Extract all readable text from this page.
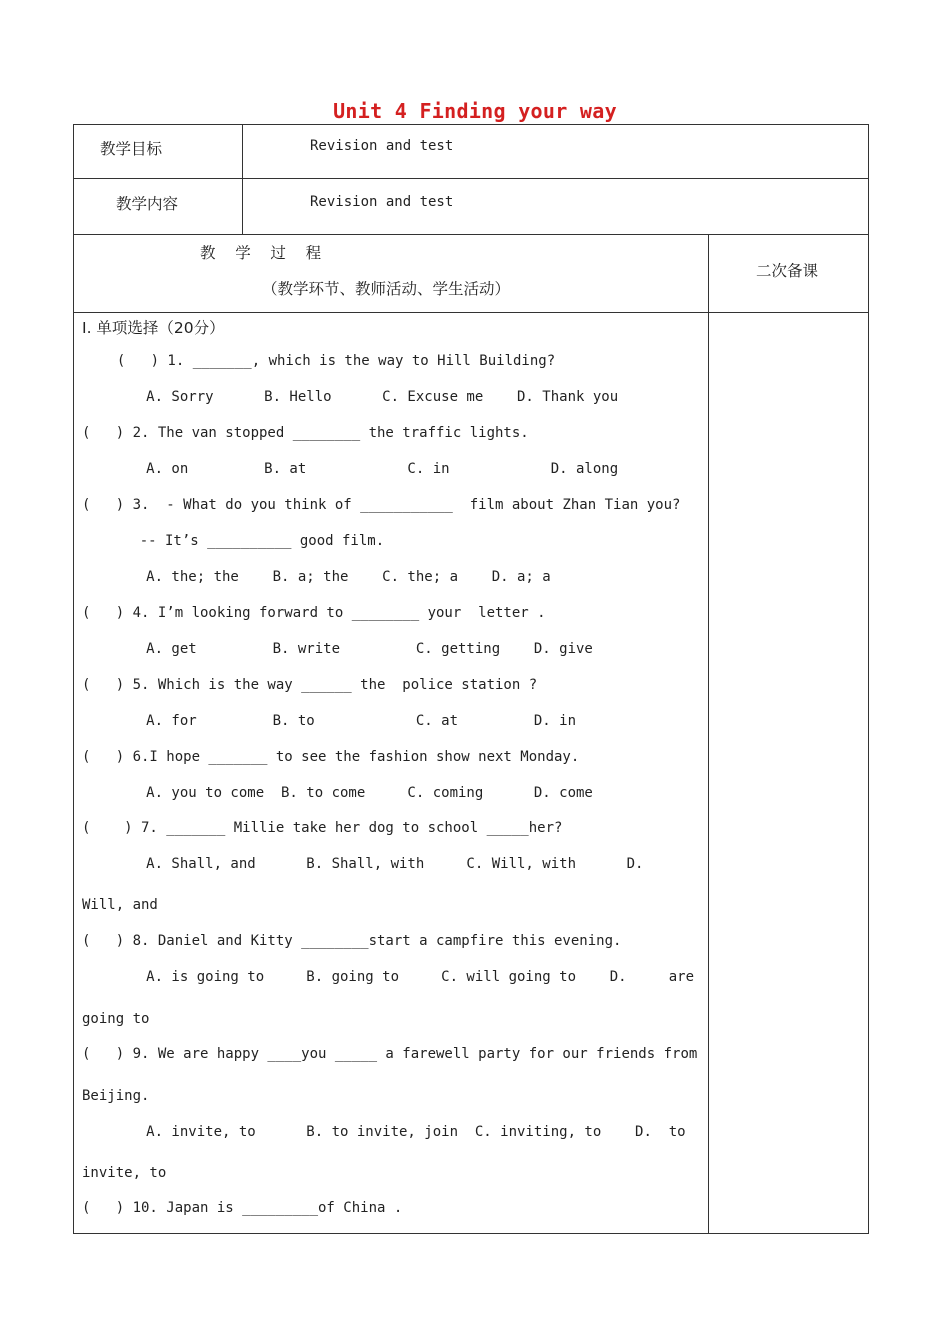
Unit 4 Finding your way
教学目标	Revision and test
教学内容	Revision and test
教    学    过    程
（教学环节、教师活动、学生活动）
二次备课
I. 单项选择（20分）
(   ) 1. _______, which is the way to Hill Building?
A. Sorry      B. Hello      C. Excuse me    D. Thank you
(   ) 2. The van stopped ________ the traffic lights.
A. on         B. at            C. in            D. along
(   ) 3.  - What do you think of ___________  film about Zhan Tian you?
-- It’s __________ good film.
A. the; the    B. a; the    C. the; a    D. a; a
(   ) 4. I’m looking forward to ________ your  letter .
A. get         B. write         C. getting    D. give
(   ) 5. Which is the way ______ the  police station ?
A. for         B. to            C. at         D. in
(   ) 6.I hope _______ to see the fashion show next Monday.
A. you to come  B. to come     C. coming      D. come
(    ) 7. _______ Millie take her dog to school _____her?
A. Shall, and      B. Shall, with     C. Will, with      D.
Will, and
(   ) 8. Daniel and Kitty ________start a campfire this evening.
A. is going to     B. going to     C. will going to    D.     are
going to
(   ) 9. We are happy ____you _____ a farewell party for our friends from
Beijing.
A. invite, to      B. to invite, join  C. inviting, to    D.  to
invite, to
(   ) 10. Japan is _________of China .
